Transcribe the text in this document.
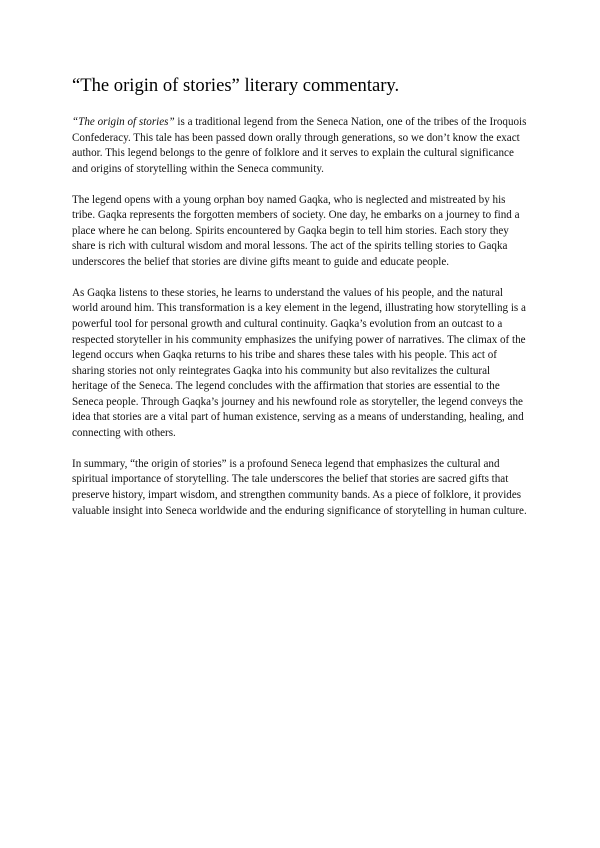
“The origin of stories” literary commentary.

“The origin of stories” is a traditional legend from the Seneca Nation, one of the tribes of the Iroquois Confederacy. This tale has been passed down orally through generations, so we don’t know the exact author. This legend belongs to the genre of folklore and it serves to explain the cultural significance and origins of storytelling within the Seneca community.

The legend opens with a young orphan boy named Gaqka, who is neglected and mistreated by his tribe. Gaqka represents the forgotten members of society. One day, he embarks on a journey to find a place where he can belong. Spirits encountered by Gaqka begin to tell him stories. Each story they share is rich with cultural wisdom and moral lessons. The act of the spirits telling stories to Gaqka underscores the belief that stories are divine gifts meant to guide and educate people.

As Gaqka listens to these stories, he learns to understand the values of his people, and the natural world around him. This transformation is a key element in the legend, illustrating how storytelling is a powerful tool for personal growth and cultural continuity. Gaqka’s evolution from an outcast to a respected storyteller in his community emphasizes the unifying power of narratives. The climax of the legend occurs when Gaqka returns to his tribe and shares these tales with his people. This act of sharing stories not only reintegrates Gaqka into his community but also revitalizes the cultural heritage of the Seneca. The legend concludes with the affirmation that stories are essential to the Seneca people. Through Gaqka’s journey and his newfound role as storyteller, the legend conveys the idea that stories are a vital part of human existence, serving as a means of understanding, healing, and connecting with others.

In summary, “the origin of stories” is a profound Seneca legend that emphasizes the cultural and spiritual importance of storytelling. The tale underscores the belief that stories are sacred gifts that preserve history, impart wisdom, and strengthen community bands. As a piece of folklore, it provides valuable insight into Seneca worldwide and the enduring significance of storytelling in human culture.
